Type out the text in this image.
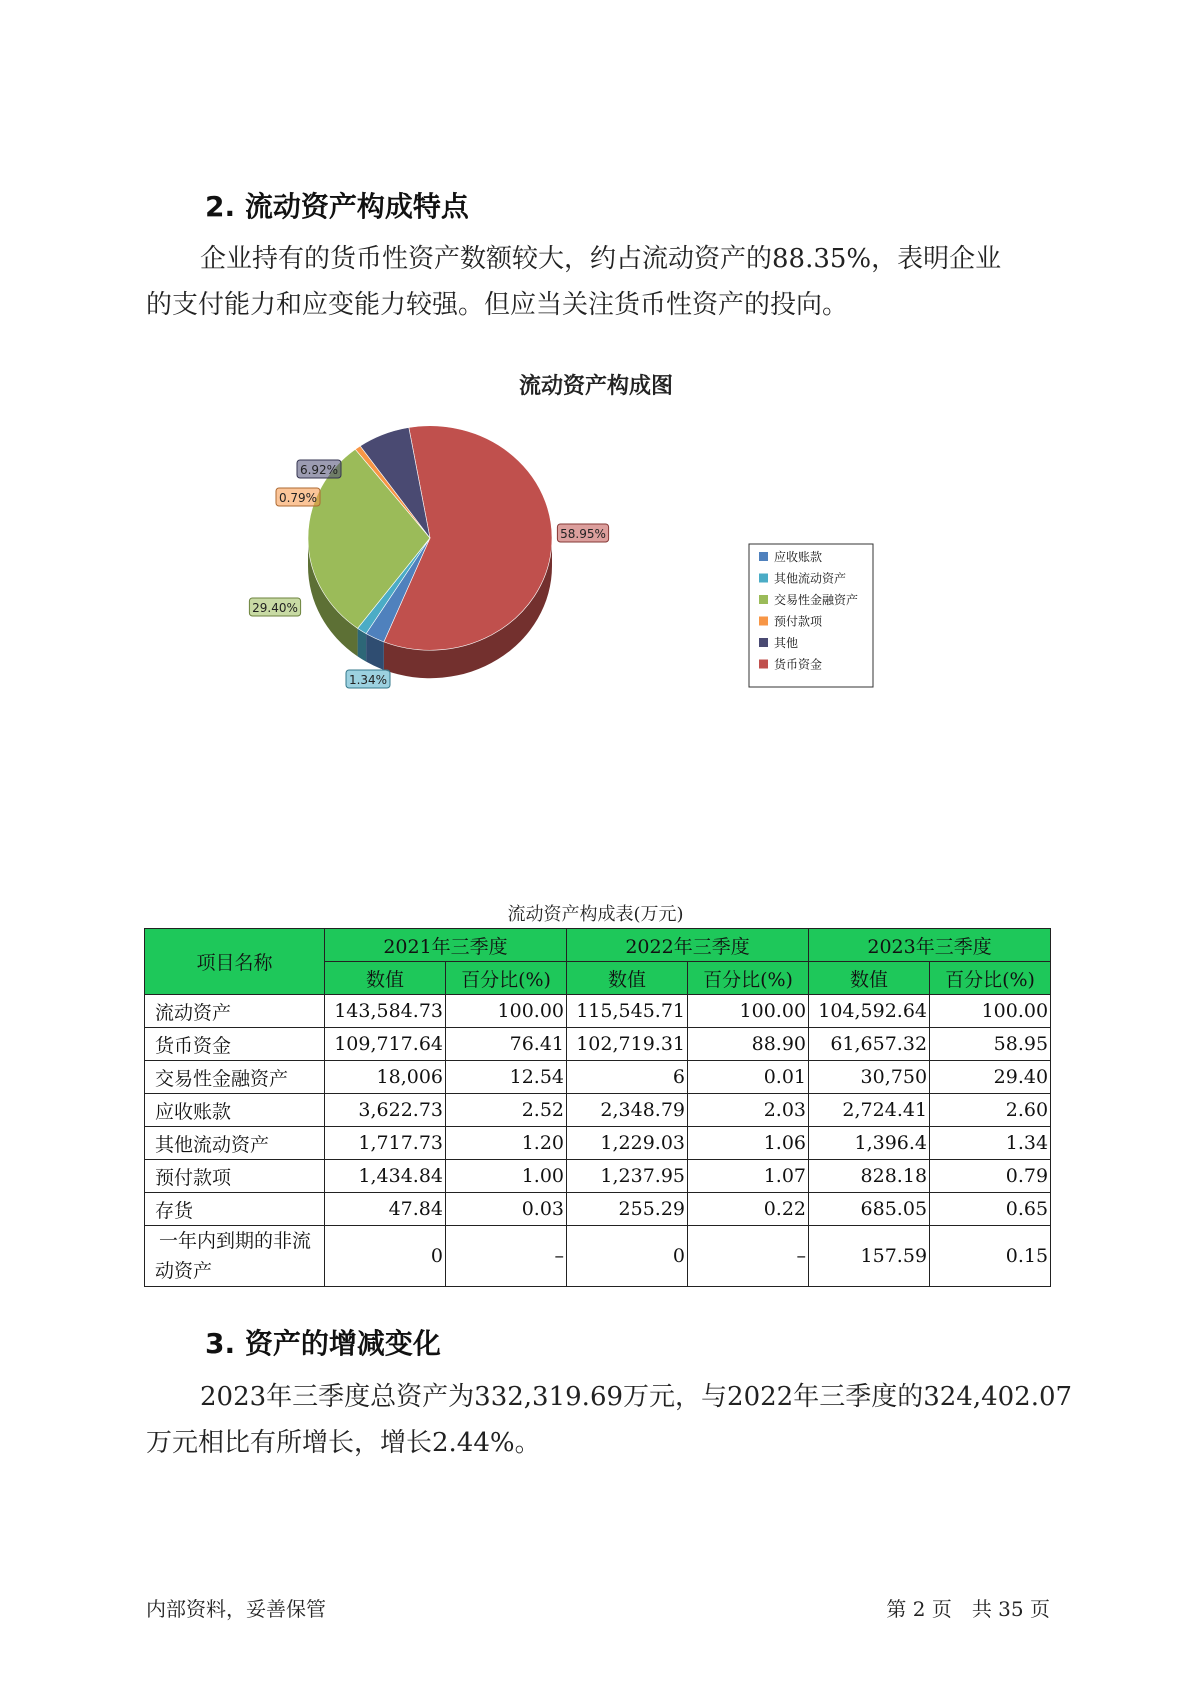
2. 流动资产构成特点
企业持有的货币性资产数额较大，约占流动资产的88.35%，表明企业
的支付能力和应变能力较强。但应当关注货币性资产的投向。
流动资产构成图
58.95%
1.34%
29.40%
0.79%
6.92%
应收账款
其他流动资产
交易性金融资产
预付款项
其他
货币资金
流动资产构成表(万元)
项目名称	2021年三季度		2022年三季度		2023年三季度	
	数值	百分比(%)	数值	百分比(%)	数值	百分比(%)
流动资产	143,584.73	100.00	115,545.71	100.00	104,592.64	100.00
货币资金	109,717.64	76.41	102,719.31	88.90	61,657.32	58.95
交易性金融资产	18,006	12.54	6	0.01	30,750	29.40
应收账款	3,622.73	2.52	2,348.79	2.03	2,724.41	2.60
其他流动资产	1,717.73	1.20	1,229.03	1.06	1,396.4	1.34
预付款项	1,434.84	1.00	1,237.95	1.07	828.18	0.79
存货	47.84	0.03	255.29	0.22	685.05	0.65
一年内到期的非流
动资产	0	–	0	–	157.59	0.15
3. 资产的增减变化
2023年三季度总资产为332,319.69万元，与2022年三季度的324,402.07
万元相比有所增长，增长2.44%。
内部资料，妥善保管	第 2 页　共 35 页
